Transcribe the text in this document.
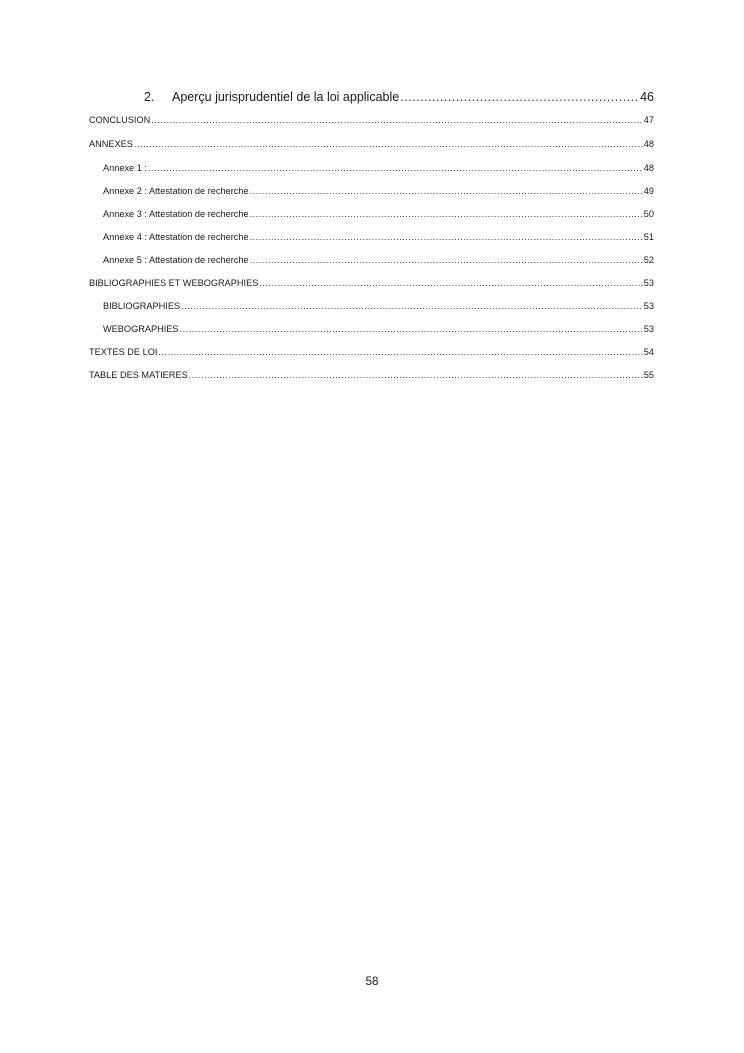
2. Aperçu jurisprudentiel de la loi applicable .....	46
CONCLUSION .....	47
ANNEXES .....	48
Annexe 1 : .....	48
Annexe 2 : Attestation de recherche .....	49
Annexe 3 : Attestation de recherche .....	50
Annexe 4 : Attestation de recherche .....	51
Annexe 5 : Attestation de recherche .....	52
BIBLIOGRAPHIES ET WEBOGRAPHIES .....	53
BIBLIOGRAPHIES .....	53
WEBOGRAPHIES .....	53
TEXTES DE LOI .....	54
TABLE DES MATIERES .....	55
58
